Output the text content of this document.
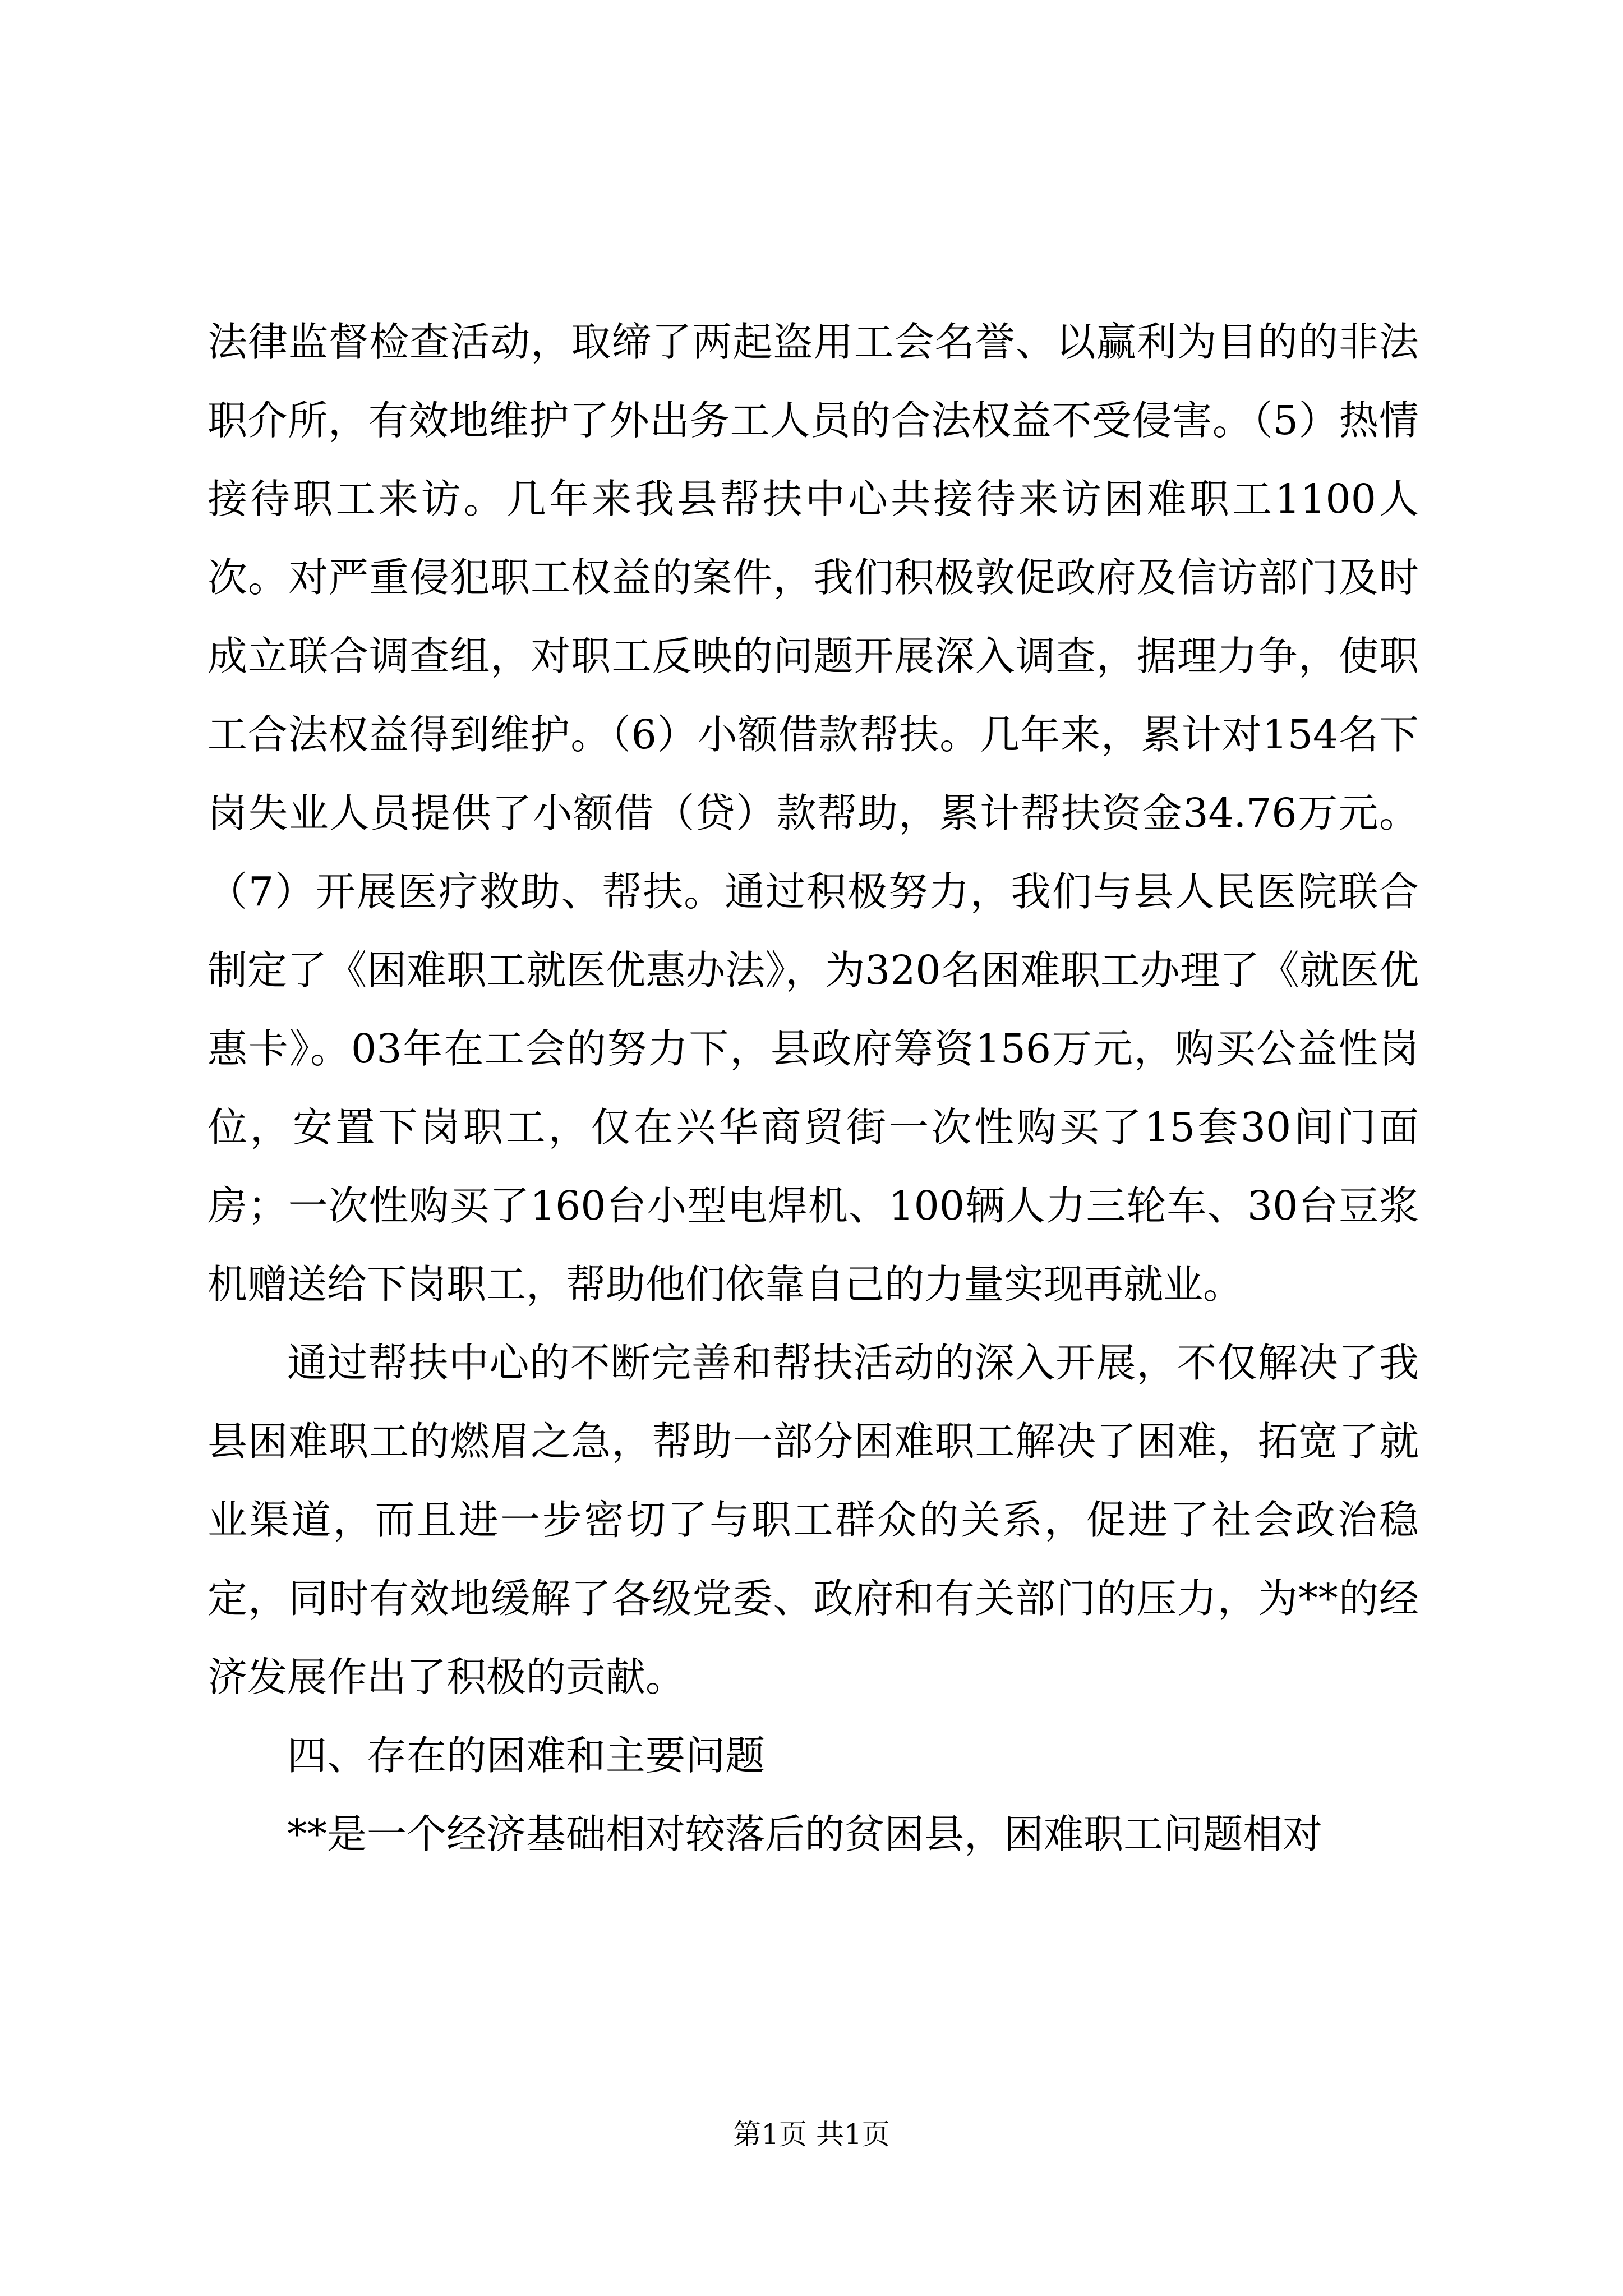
法律监督检查活动，取缔了两起盗用工会名誉、以赢利为目的的非法职介所，有效地维护了外出务工人员的合法权益不受侵害。（5）热情接待职工来访。几年来我县帮扶中心共接待来访困难职工1100人次。对严重侵犯职工权益的案件，我们积极敦促政府及信访部门及时成立联合调查组，对职工反映的问题开展深入调查，据理力争，使职工合法权益得到维护。（6）小额借款帮扶。几年来，累计对154名下岗失业人员提供了小额借（贷）款帮助，累计帮扶资金34.76万元。（7）开展医疗救助、帮扶。通过积极努力，我们与县人民医院联合制定了《困难职工就医优惠办法》，为320名困难职工办理了《就医优惠卡》。03年在工会的努力下，县政府筹资156万元，购买公益性岗位，安置下岗职工，仅在兴华商贸街一次性购买了15套30间门面房；一次性购买了160台小型电焊机、100辆人力三轮车、30台豆浆机赠送给下岗职工，帮助他们依靠自己的力量实现再就业。

通过帮扶中心的不断完善和帮扶活动的深入开展，不仅解决了我县困难职工的燃眉之急，帮助一部分困难职工解决了困难，拓宽了就业渠道，而且进一步密切了与职工群众的关系，促进了社会政治稳定，同时有效地缓解了各级党委、政府和有关部门的压力，为**的经济发展作出了积极的贡献。

四、存在的困难和主要问题

**是一个经济基础相对较落后的贫困县，困难职工问题相对

第1页 共1页
